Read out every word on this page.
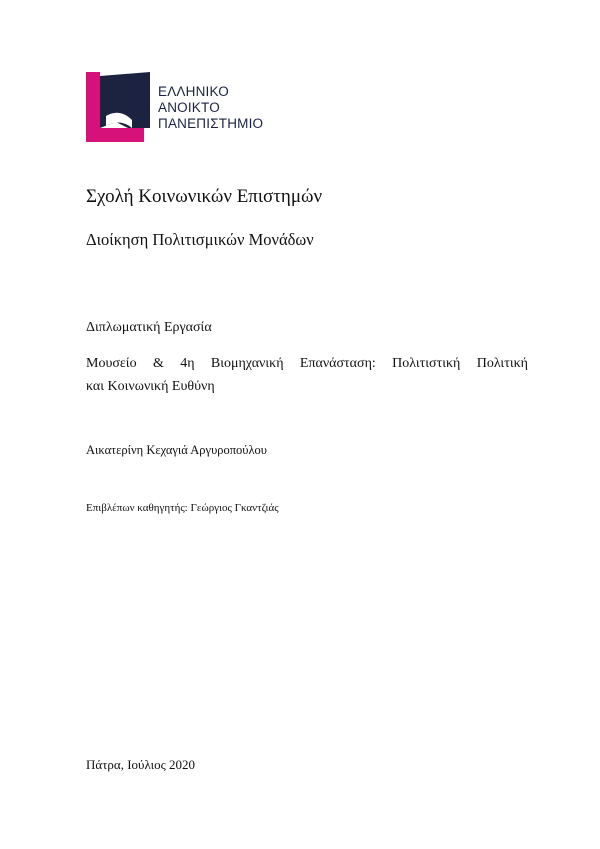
ΕΛΛΗΝΙΚΟ
ΑΝΟΙΚΤΟ
ΠΑΝΕΠΙΣΤΗΜΙΟ
Σχολή Κοινωνικών Επιστημών
Διοίκηση Πολιτισμικών Μονάδων
Διπλωματική Εργασία
Μουσείο & 4η Βιομηχανική Επανάσταση: Πολιτιστική Πολιτική
και Κοινωνική Ευθύνη
Αικατερίνη Κεχαγιά Αργυροπούλου
Επιβλέπων καθηγητής: Γεώργιος Γκαντζιάς
Πάτρα, Ιούλιος 2020
